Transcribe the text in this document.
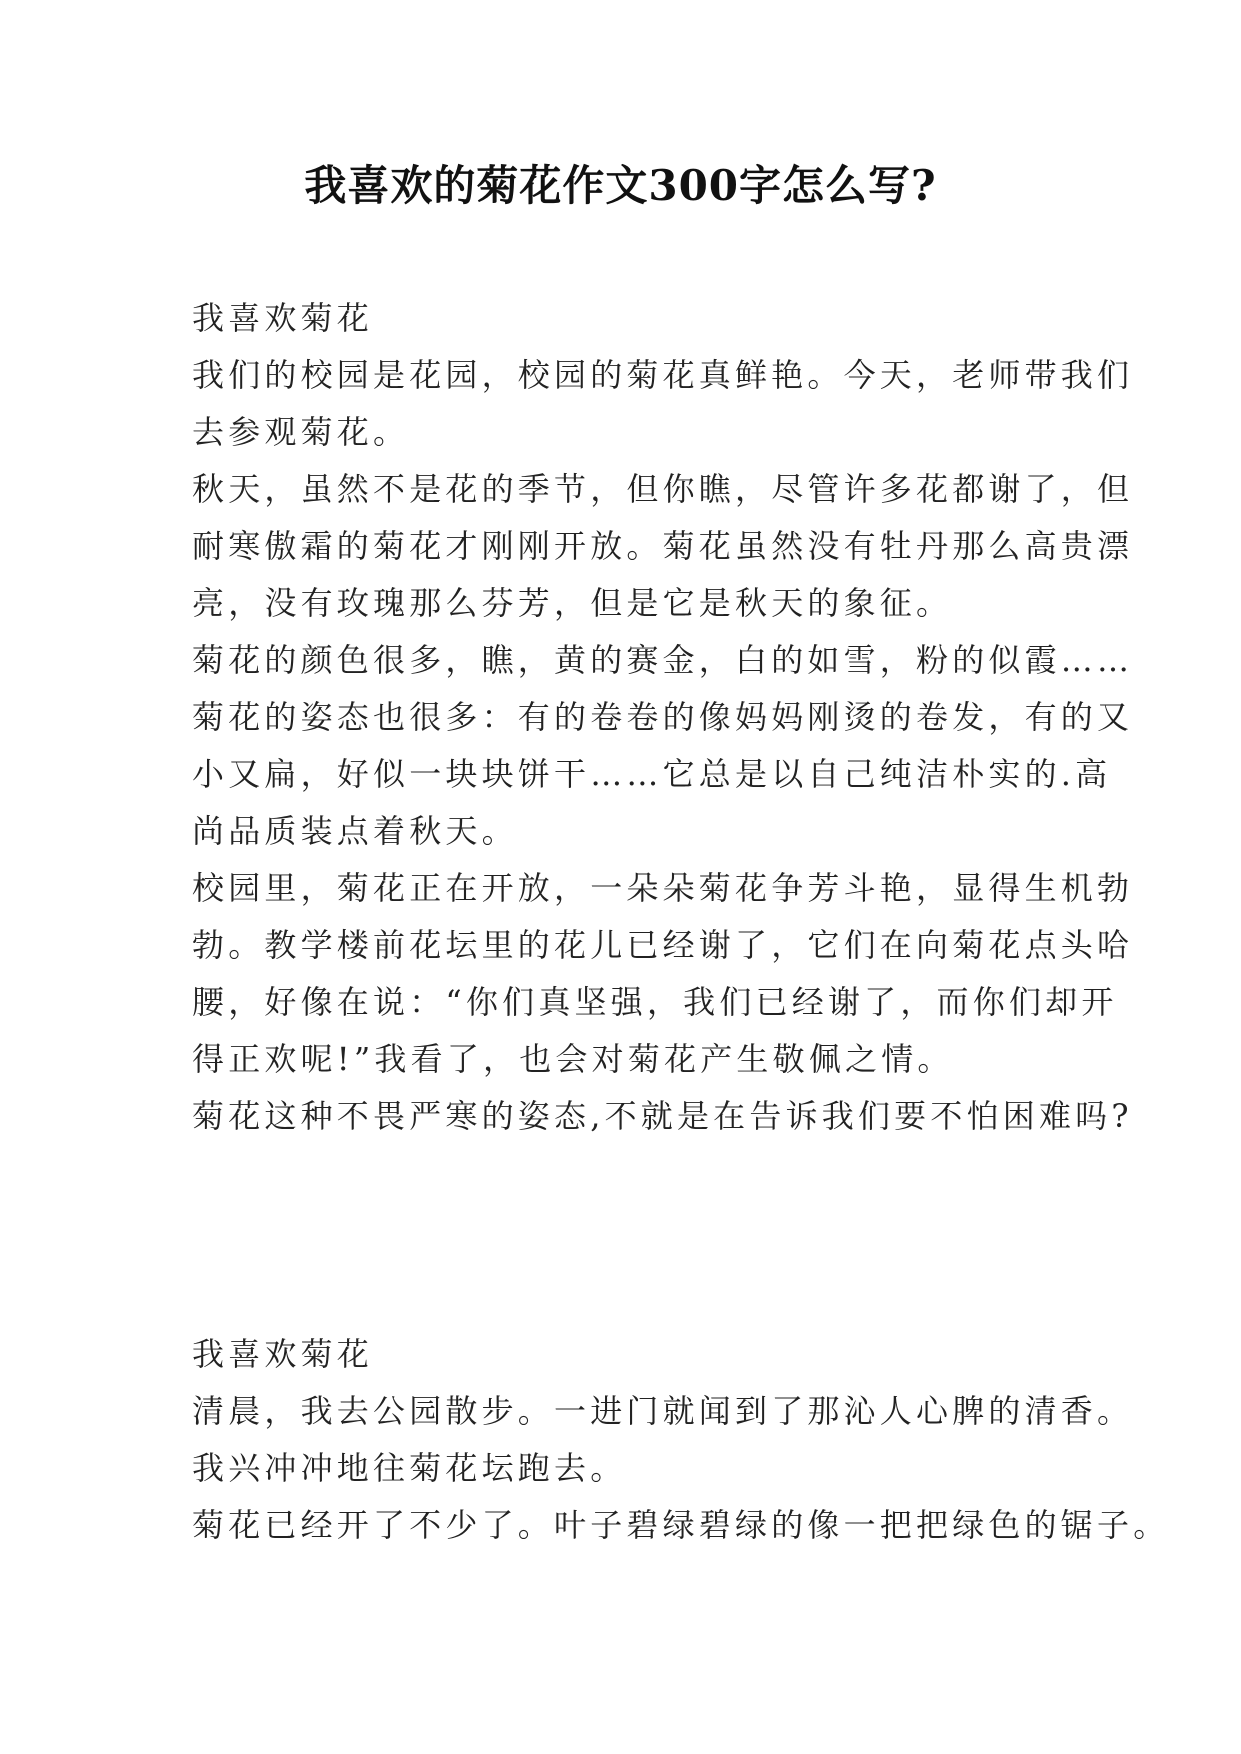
我喜欢的菊花作文300字怎么写?
我喜欢菊花
我们的校园是花园，校园的菊花真鲜艳。今天，老师带我们
去参观菊花。
秋天，虽然不是花的季节，但你瞧，尽管许多花都谢了，但
耐寒傲霜的菊花才刚刚开放。菊花虽然没有牡丹那么高贵漂
亮，没有玫瑰那么芬芳，但是它是秋天的象征。
菊花的颜色很多，瞧，黄的赛金，白的如雪，粉的似霞……
菊花的姿态也很多：有的卷卷的像妈妈刚烫的卷发，有的又
小又扁，好似一块块饼干……它总是以自己纯洁朴实的.高
尚品质装点着秋天。
校园里，菊花正在开放，一朵朵菊花争芳斗艳，显得生机勃
勃。教学楼前花坛里的花儿已经谢了，它们在向菊花点头哈
腰，好像在说：“你们真坚强，我们已经谢了，而你们却开
得正欢呢!”我看了，也会对菊花产生敬佩之情。
菊花这种不畏严寒的姿态,不就是在告诉我们要不怕困难吗?
我喜欢菊花
清晨，我去公园散步。一进门就闻到了那沁人心脾的清香。
我兴冲冲地往菊花坛跑去。
菊花已经开了不少了。叶子碧绿碧绿的像一把把绿色的锯子。
